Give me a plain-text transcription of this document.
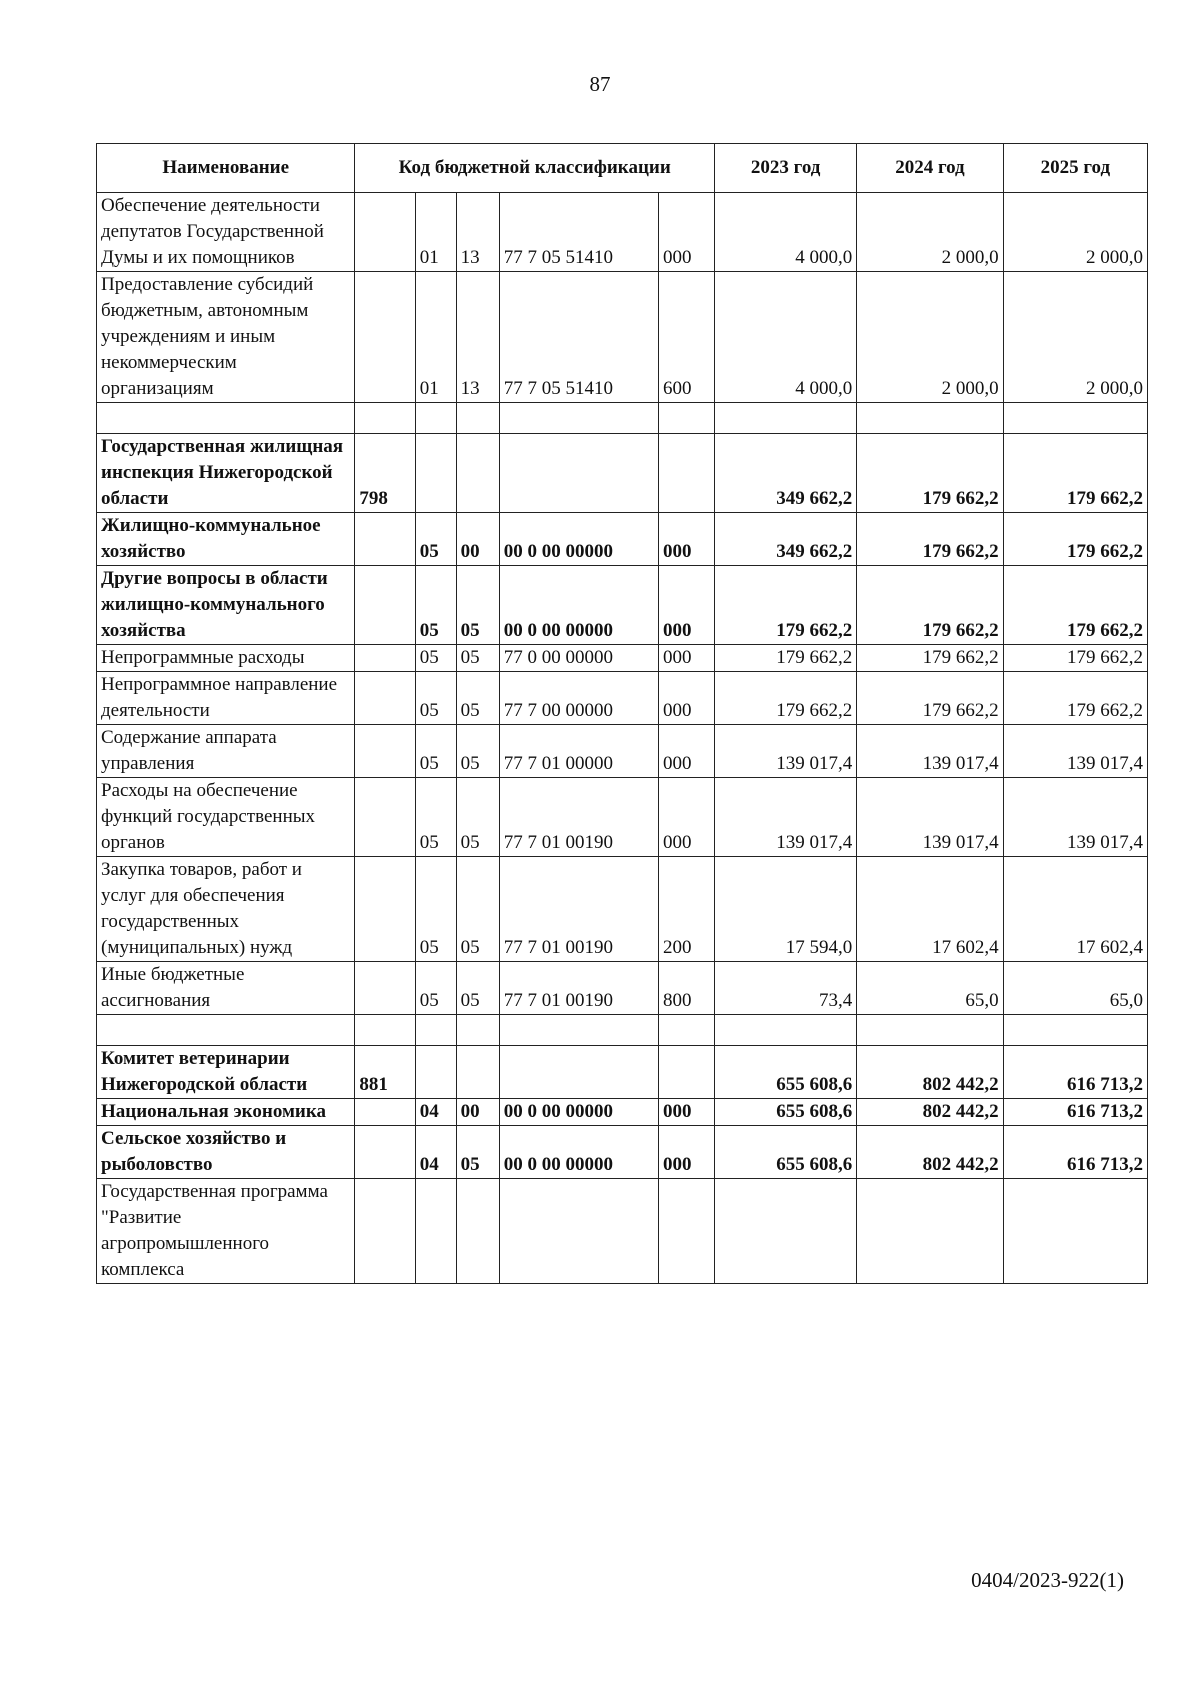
87
Наименование	Код бюджетной классификации					2023 год	2024 год	2025 год
Обеспечение деятельности депутатов Государственной Думы и их помощников		01	13	77 7 05 51410	000	4 000,0	2 000,0	2 000,0
Предоставление субсидий бюджетным, автономным учреждениям и иным некоммерческим организациям		01	13	77 7 05 51410	600	4 000,0	2 000,0	2 000,0

Государственная жилищная инспекция Нижегородской области	798					349 662,2	179 662,2	179 662,2
Жилищно-коммунальное хозяйство		05	00	00 0 00 00000	000	349 662,2	179 662,2	179 662,2
Другие вопросы в области жилищно-коммунального хозяйства		05	05	00 0 00 00000	000	179 662,2	179 662,2	179 662,2
Непрограммные расходы		05	05	77 0 00 00000	000	179 662,2	179 662,2	179 662,2
Непрограммное направление деятельности		05	05	77 7 00 00000	000	179 662,2	179 662,2	179 662,2
Содержание аппарата управления		05	05	77 7 01 00000	000	139 017,4	139 017,4	139 017,4
Расходы на обеспечение функций государственных органов		05	05	77 7 01 00190	000	139 017,4	139 017,4	139 017,4
Закупка товаров, работ и услуг для обеспечения государственных (муниципальных) нужд		05	05	77 7 01 00190	200	17 594,0	17 602,4	17 602,4
Иные бюджетные ассигнования		05	05	77 7 01 00190	800	73,4	65,0	65,0

Комитет ветеринарии Нижегородской области	881					655 608,6	802 442,2	616 713,2
Национальная экономика		04	00	00 0 00 00000	000	655 608,6	802 442,2	616 713,2
Сельское хозяйство и рыболовство		04	05	00 0 00 00000	000	655 608,6	802 442,2	616 713,2
Государственная программа "Развитие агропромышленного комплекса								
0404/2023-922(1)
